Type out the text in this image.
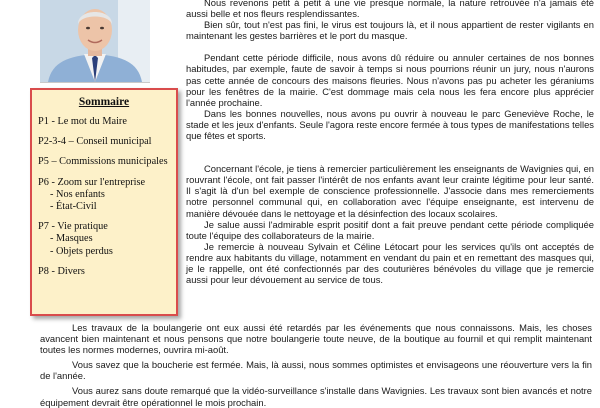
Sommaire
P1 - Le mot du Maire
P2-3-4 – Conseil municipal
P5 – Commissions municipales
P6 - Zoom sur l'entreprise
- Nos enfants
- État-Civil
P7 - Vie pratique
- Masques
- Objets perdus
P8 - Divers

Nous revenons petit à petit à une vie presque normale, la nature retrouvée n'a jamais été aussi belle et nos fleurs resplendissantes.

Bien sûr, tout n'est pas fini, le virus est toujours là, et il nous appartient de rester vigilants en maintenant les gestes barrières et le port du masque.

Pendant cette période difficile, nous avons dû réduire ou annuler certaines de nos bonnes habitudes, par exemple, faute de savoir à temps si nous pourrions réunir un jury, nous n'aurons pas cette année de concours des maisons fleuries. Nous n'avons pas pu acheter les géraniums pour les fenêtres de la mairie. C'est dommage mais cela nous les fera encore plus apprécier l'année prochaine.

Dans les bonnes nouvelles, nous avons pu ouvrir à nouveau le parc Geneviève Roche, le stade et les jeux d'enfants. Seule l'agora reste encore fermée à tous types de manifestations telles que fêtes et sports.

Concernant l'école, je tiens à remercier particulièrement les enseignants de Wavignies qui, en rouvrant l'école, ont fait passer l'intérêt de nos enfants avant leur crainte légitime pour leur santé. Il s'agit là d'un bel exemple de conscience professionnelle. J'associe dans mes remerciements notre personnel communal qui, en collaboration avec l'équipe enseignante, est intervenu de manière dévouée dans le nettoyage et la désinfection des locaux scolaires.

Je salue aussi l'admirable esprit positif dont a fait preuve pendant cette période compliquée toute l'équipe des collaborateurs de la mairie.

Je remercie à nouveau Sylvain et Céline Létocart pour les services qu'ils ont acceptés de rendre aux habitants du village, notamment en vendant du pain et en remettant des masques qui, je le rappelle, ont été confectionnés par des couturières bénévoles du village que je remercie aussi pour leur dévouement au service de tous.

Les travaux de la boulangerie ont eux aussi été retardés par les événements que nous connaissons. Mais, les choses avancent bien maintenant et nous pensons que notre boulangerie toute neuve, de la boutique au fournil et qui remplit maintenant toutes les normes modernes, ouvrira mi-août.

Vous savez que la boucherie est fermée. Mais, là aussi, nous sommes optimistes et envisageons une réouverture vers la fin de l'année.

Vous aurez sans doute remarqué que la vidéo-surveillance s'installe dans Wavignies. Les travaux sont bien avancés et notre équipement devrait être opérationnel le mois prochain.
